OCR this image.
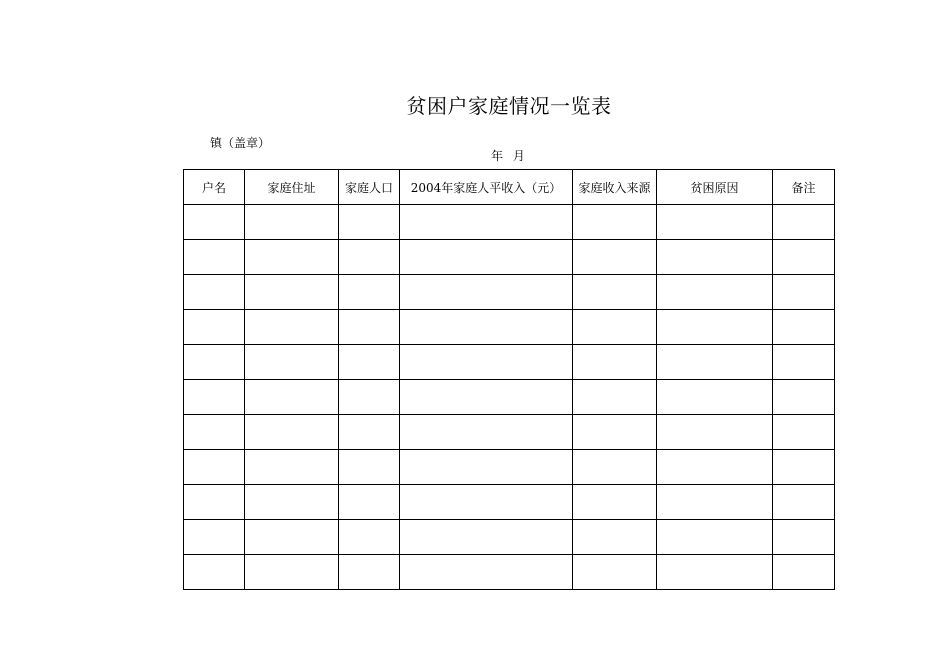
贫困户家庭情况一览表
镇（盖章）
年 月
户名	家庭住址	家庭人口	2004年家庭人平收入（元）	家庭收入来源	贫困原因	备注
